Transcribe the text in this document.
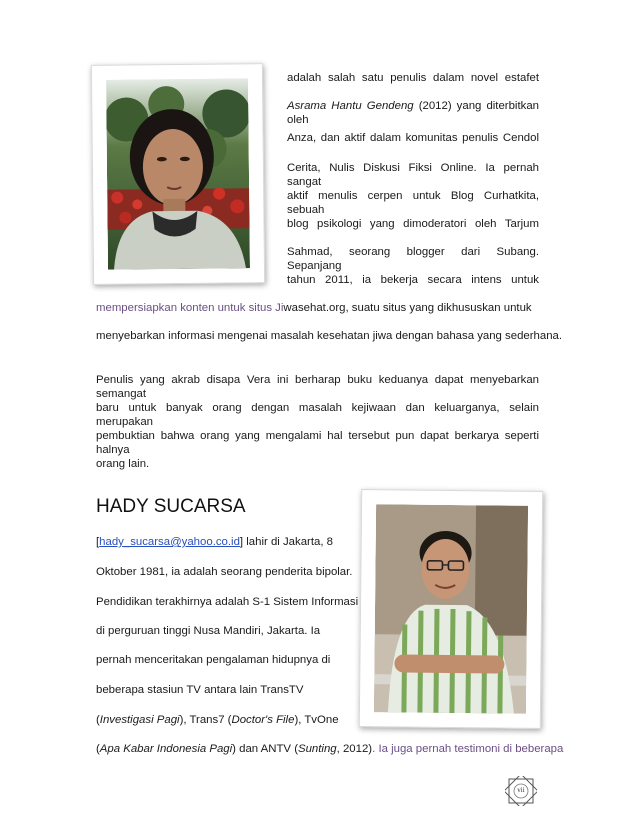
adalah salah satu penulis dalam novel estafet
Asrama Hantu Gendeng (2012) yang diterbitkan oleh
Anza, dan aktif dalam komunitas penulis Cendol
Cerita, Nulis Diskusi Fiksi Online. Ia pernah sangat
aktif menulis cerpen untuk Blog Curhatkita, sebuah
blog psikologi yang dimoderatori oleh Tarjum
Sahmad, seorang blogger dari Subang. Sepanjang
tahun 2011, ia bekerja secara intens untuk
mempersiapkan konten untuk situs Jiwasehat.org, suatu situs yang dikhususkan untuk
menyebarkan informasi mengenai masalah kesehatan jiwa dengan bahasa yang sederhana.
Penulis yang akrab disapa Vera ini berharap buku keduanya dapat menyebarkan semangat
baru untuk banyak orang dengan masalah kejiwaan dan keluarganya, selain merupakan
pembuktian bahwa orang yang mengalami hal tersebut pun dapat berkarya seperti halnya
orang lain.
HADY SUCARSA
[hady_sucarsa@yahoo.co.id] lahir di Jakarta, 8
Oktober 1981, ia adalah seorang penderita bipolar.
Pendidikan terakhirnya adalah S-1 Sistem Informasi
di perguruan tinggi Nusa Mandiri, Jakarta. Ia
pernah menceritakan pengalaman hidupnya di
beberapa stasiun TV antara lain TransTV
(Investigasi Pagi), Trans7 (Doctor's File), TvOne
(Apa Kabar Indonesia Pagi) dan ANTV (Sunting, 2012). Ia juga pernah testimoni di beberapa
vii
